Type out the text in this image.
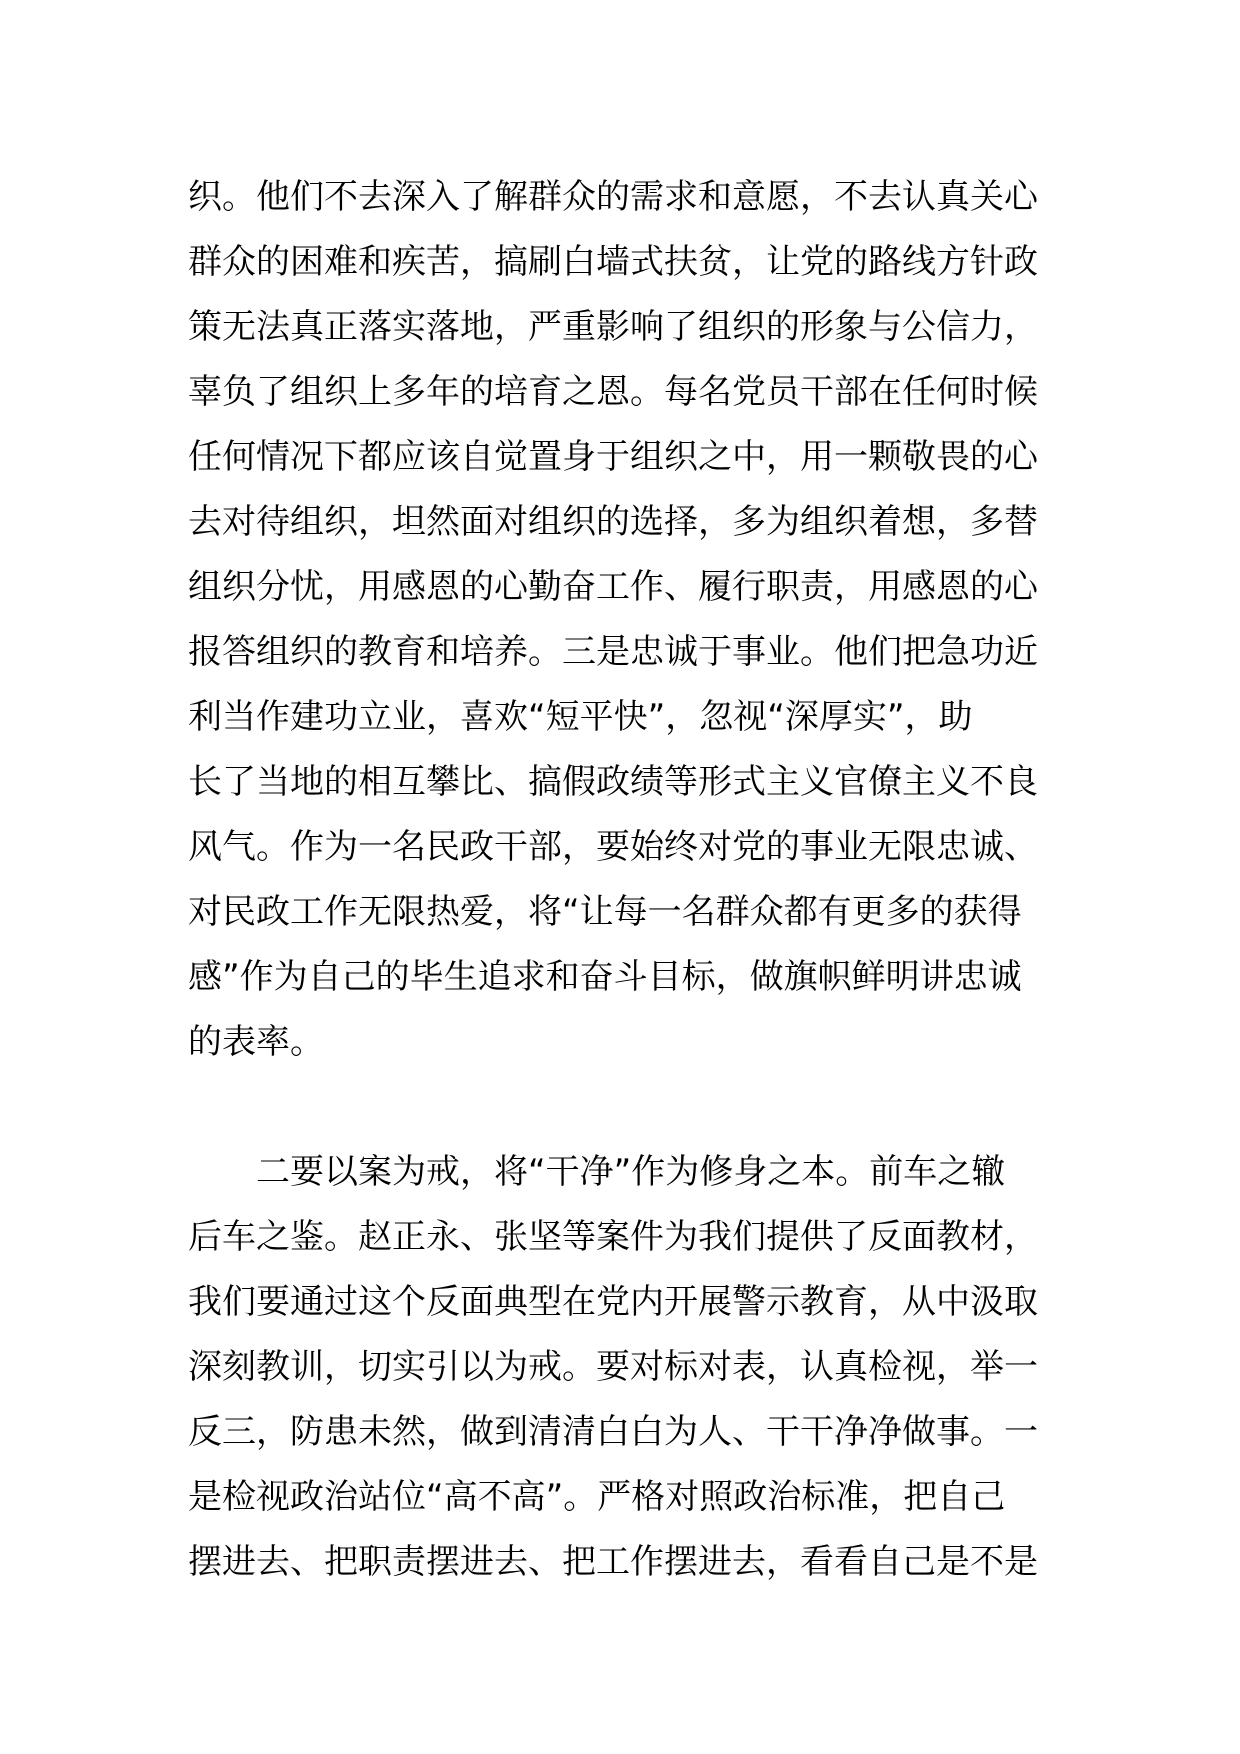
织。他们不去深入了解群众的需求和意愿，不去认真关心
群众的困难和疾苦，搞刷白墙式扶贫，让党的路线方针政
策无法真正落实落地，严重影响了组织的形象与公信力，
辜负了组织上多年的培育之恩。每名党员干部在任何时候
任何情况下都应该自觉置身于组织之中，用一颗敬畏的心
去对待组织，坦然面对组织的选择，多为组织着想，多替
组织分忧，用感恩的心勤奋工作、履行职责，用感恩的心
报答组织的教育和培养。三是忠诚于事业。他们把急功近
利当作建功立业，喜欢“短平快”，忽视“深厚实”，助
长了当地的相互攀比、搞假政绩等形式主义官僚主义不良
风气。作为一名民政干部，要始终对党的事业无限忠诚、
对民政工作无限热爱，将“让每一名群众都有更多的获得
感”作为自己的毕生追求和奋斗目标，做旗帜鲜明讲忠诚
的表率。
二要以案为戒，将“干净”作为修身之本。前车之辙
后车之鉴。赵正永、张坚等案件为我们提供了反面教材，
我们要通过这个反面典型在党内开展警示教育，从中汲取
深刻教训，切实引以为戒。要对标对表，认真检视，举一
反三，防患未然，做到清清白白为人、干干净净做事。一
是检视政治站位“高不高”。严格对照政治标准，把自己
摆进去、把职责摆进去、把工作摆进去，看看自己是不是
